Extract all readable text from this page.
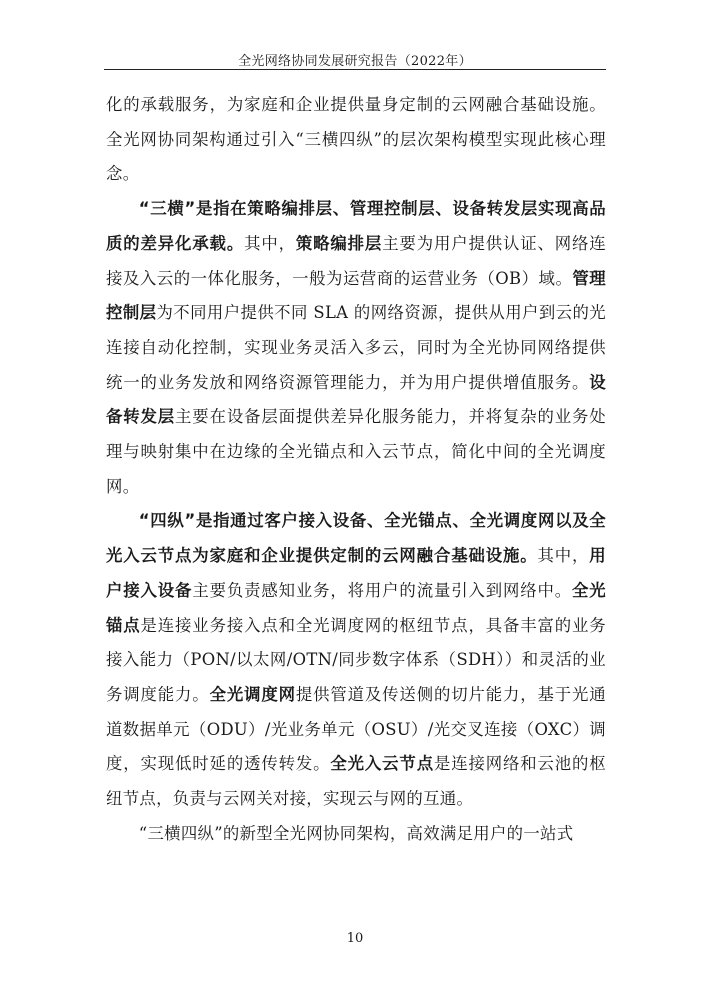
全光网络协同发展研究报告（2022年）

化的承载服务，为家庭和企业提供量身定制的云网融合基础设施。全光网协同架构通过引入“三横四纵”的层次架构模型实现此核心理念。

“三横”是指在策略编排层、管理控制层、设备转发层实现高品质的差异化承载。其中，策略编排层主要为用户提供认证、网络连接及入云的一体化服务，一般为运营商的运营业务（OB）域。管理控制层为不同用户提供不同 SLA 的网络资源，提供从用户到云的光连接自动化控制，实现业务灵活入多云，同时为全光协同网络提供统一的业务发放和网络资源管理能力，并为用户提供增值服务。设备转发层主要在设备层面提供差异化服务能力，并将复杂的业务处理与映射集中在边缘的全光锚点和入云节点，简化中间的全光调度网。

“四纵”是指通过客户接入设备、全光锚点、全光调度网以及全光入云节点为家庭和企业提供定制的云网融合基础设施。其中，用户接入设备主要负责感知业务，将用户的流量引入到网络中。全光锚点是连接业务接入点和全光调度网的枢纽节点，具备丰富的业务接入能力（PON/以太网/OTN/同步数字体系（SDH））和灵活的业务调度能力。全光调度网提供管道及传送侧的切片能力，基于光通道数据单元（ODU）/光业务单元（OSU）/光交叉连接（OXC）调度，实现低时延的透传转发。全光入云节点是连接网络和云池的枢纽节点，负责与云网关对接，实现云与网的互通。

“三横四纵”的新型全光网协同架构，高效满足用户的一站式

10
